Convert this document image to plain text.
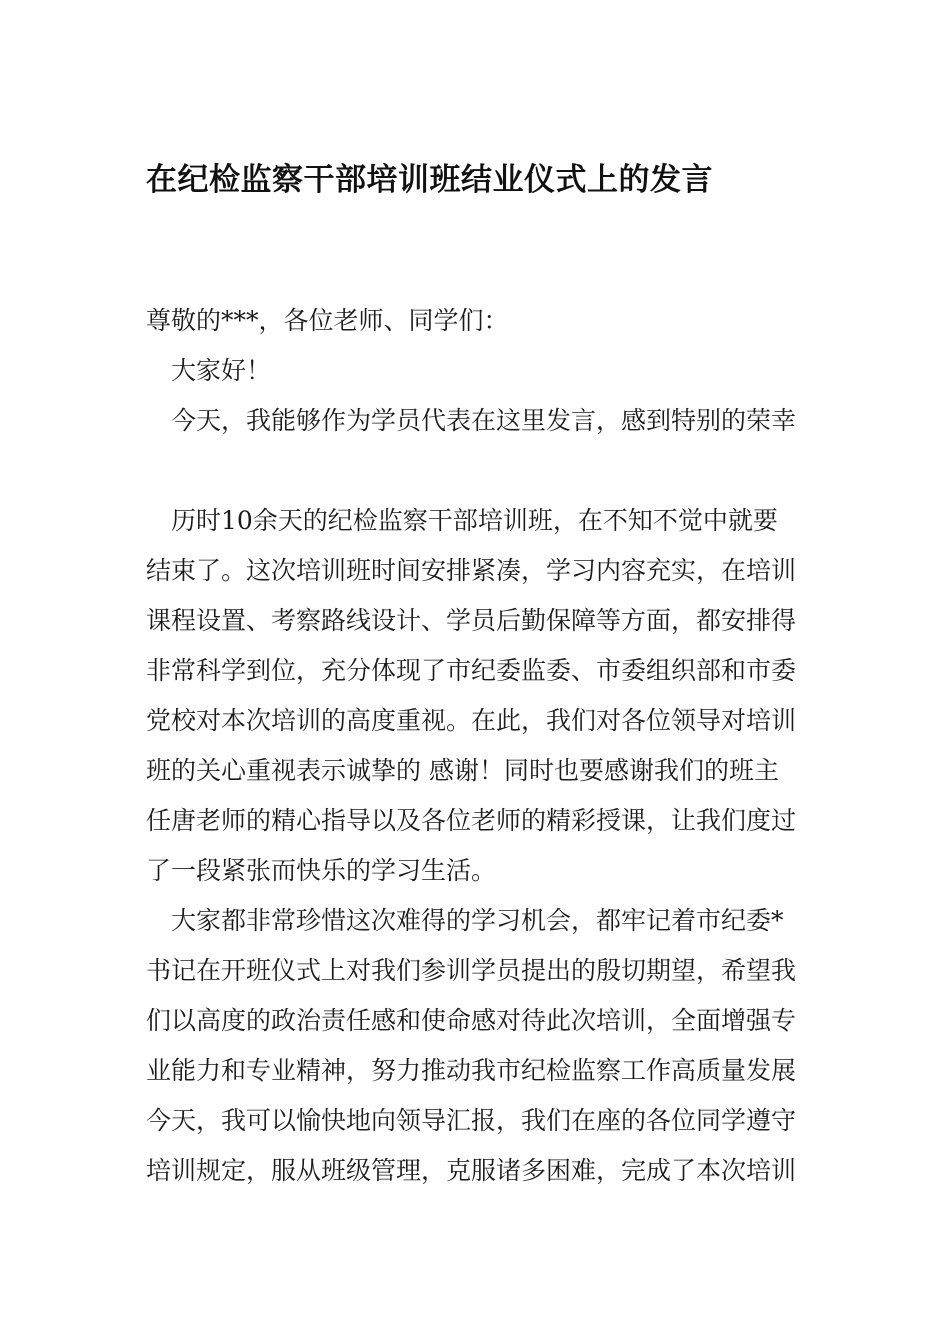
在纪检监察干部培训班结业仪式上的发言

尊敬的***，各位老师、同学们：

大家好！

今天，我能够作为学员代表在这里发言，感到特别的荣幸

历时10余天的纪检监察干部培训班，在不知不觉中就要

结束了。这次培训班时间安排紧凑，学习内容充实，在培训

课程设置、考察路线设计、学员后勤保障等方面，都安排得

非常科学到位，充分体现了市纪委监委、市委组织部和市委

党校对本次培训的高度重视。在此，我们对各位领导对培训

班的关心重视表示诚挚的 感谢！同时也要感谢我们的班主

任唐老师的精心指导以及各位老师的精彩授课，让我们度过

了一段紧张而快乐的学习生活。

大家都非常珍惜这次难得的学习机会，都牢记着市纪委*

书记在开班仪式上对我们参训学员提出的殷切期望，希望我

们以高度的政治责任感和使命感对待此次培训，全面增强专

业能力和专业精神，努力推动我市纪检监察工作高质量发展

今天，我可以愉快地向领导汇报，我们在座的各位同学遵守

培训规定，服从班级管理，克服诸多困难，完成了本次培训
